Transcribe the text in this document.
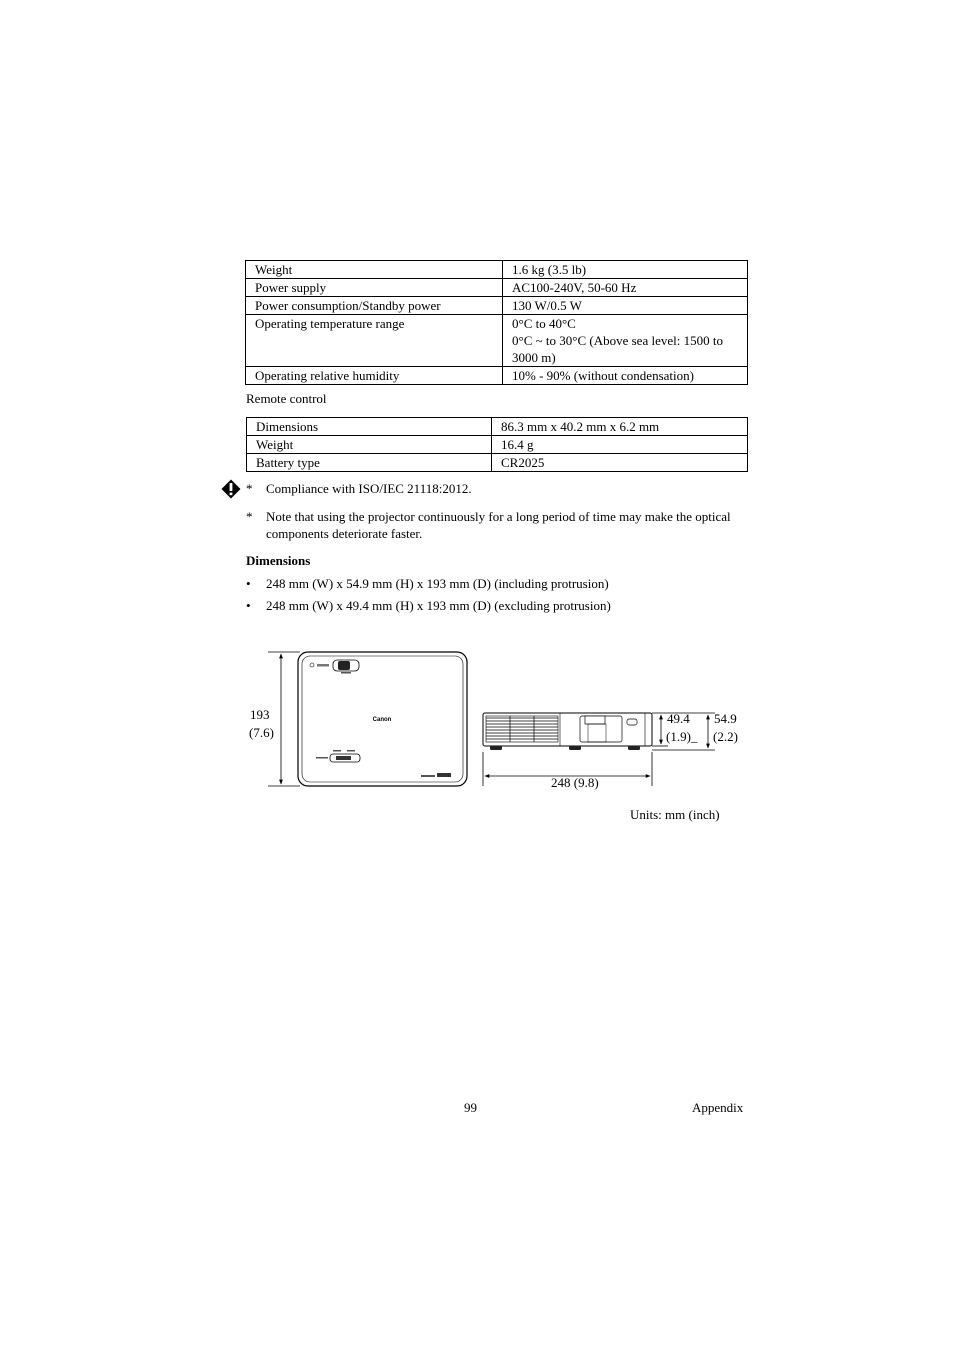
Weight	1.6 kg (3.5 lb)
Power supply	AC100-240V, 50-60 Hz
Power consumption/Standby power	130 W/0.5 W
Operating temperature range	0°C to 40°C
0°C ~ to 30°C (Above sea level: 1500 to 3000 m)

Operating relative humidity	10% - 90% (without condensation)
Remote control
Dimensions	86.3 mm x 40.2 mm x 6.2 mm
Weight	16.4 g
Battery type	CR2025
* Compliance with ISO/IEC 21118:2012.
* Note that using the projector continuously for a long period of time may make the optical components deteriorate faster.
Dimensions
• 248 mm (W) x 54.9 mm (H) x 193 mm (D) (including protrusion)
• 248 mm (W) x 49.4 mm (H) x 193 mm (D) (excluding protrusion)
Canon
193
(7.6)
49.4
(1.9)_
54.9
(2.2)
248 (9.8)
Units: mm (inch)
99	Appendix
